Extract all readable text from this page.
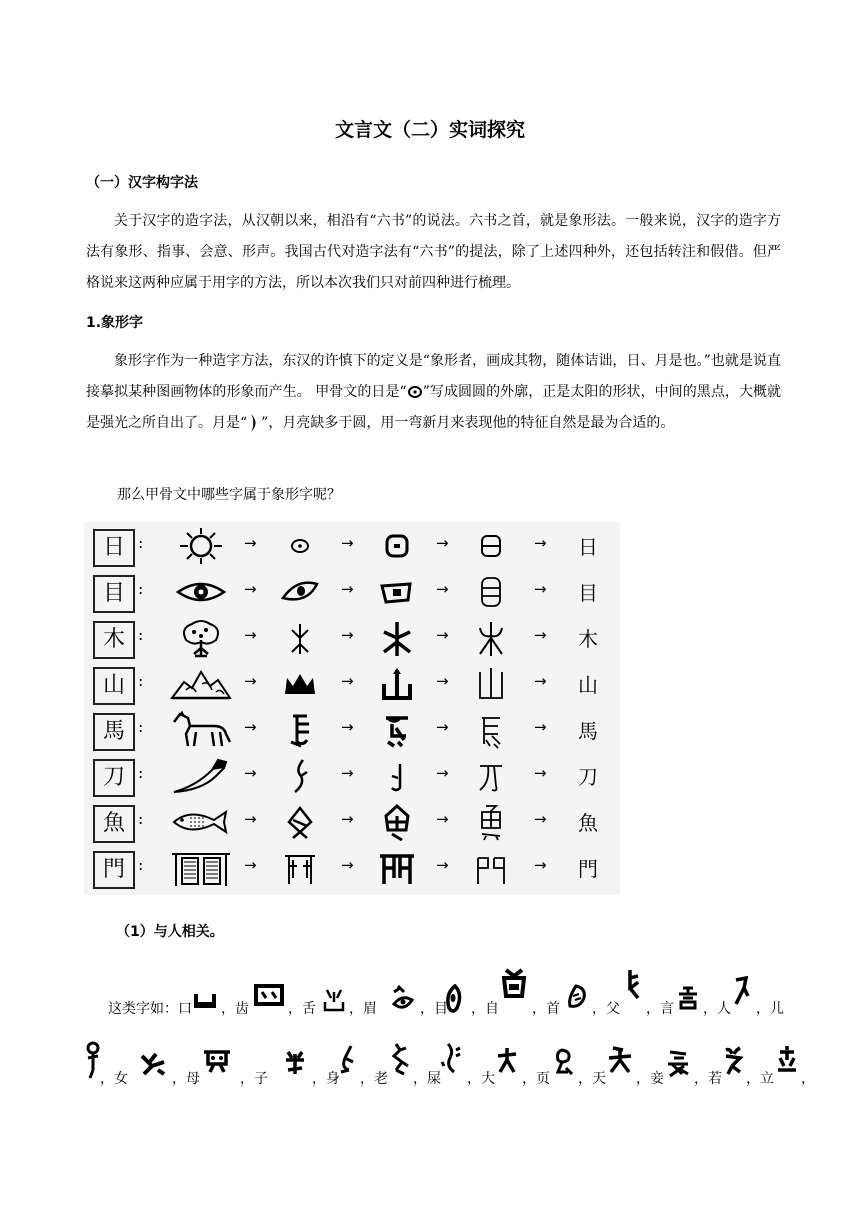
文言文（二）实词探究
（一）汉字构字法

关于汉字的造字法，从汉朝以来，相沿有“六书”的说法。六书之首，就是象形法。一般来说，汉字的造字方法有象形、指事、会意、形声。我国古代对造字法有“六书”的提法，除了上述四种外，还包括转注和假借。但严格说来这两种应属于用字的方法，所以本次我们只对前四种进行梳理。

1.象形字

象形字作为一种造字方法，东汉的许慎下的定义是“象形者，画成其物，随体诘诎，日、月是也。”也就是说直接摹拟某种图画物体的形象而产生。 甲骨文的日是“ ”写成圆圆的外廓，正是太阳的形状，中间的黑点，大概就是强光之所自出了。月是“ ”，月亮缺多于圆，用一弯新月来表现他的特征自然是最为合适的。

那么甲骨文中哪些字属于象形字呢？
日 :	→	→	→	→ 日
目 :	→	→	→	→ 目
木 :	→	→	→	→ 木
山 :	→	→	→	→ 山
馬 :	→	→	→	→ 馬
刀 :	→	→	→	→ 刀
魚 :	→	→	→	→ 魚
門 :	→	→	→	→ 門
（1）与人相关。
这类字如： 口 ，齿	，舌 ，眉	，目 ，自 ，首 ，父 ，言 ，人 ，儿
，女	，母	，子	，身 ，老 ，屎 ，大 ，页 ，天 ，妾 ，若 ，立 ，
